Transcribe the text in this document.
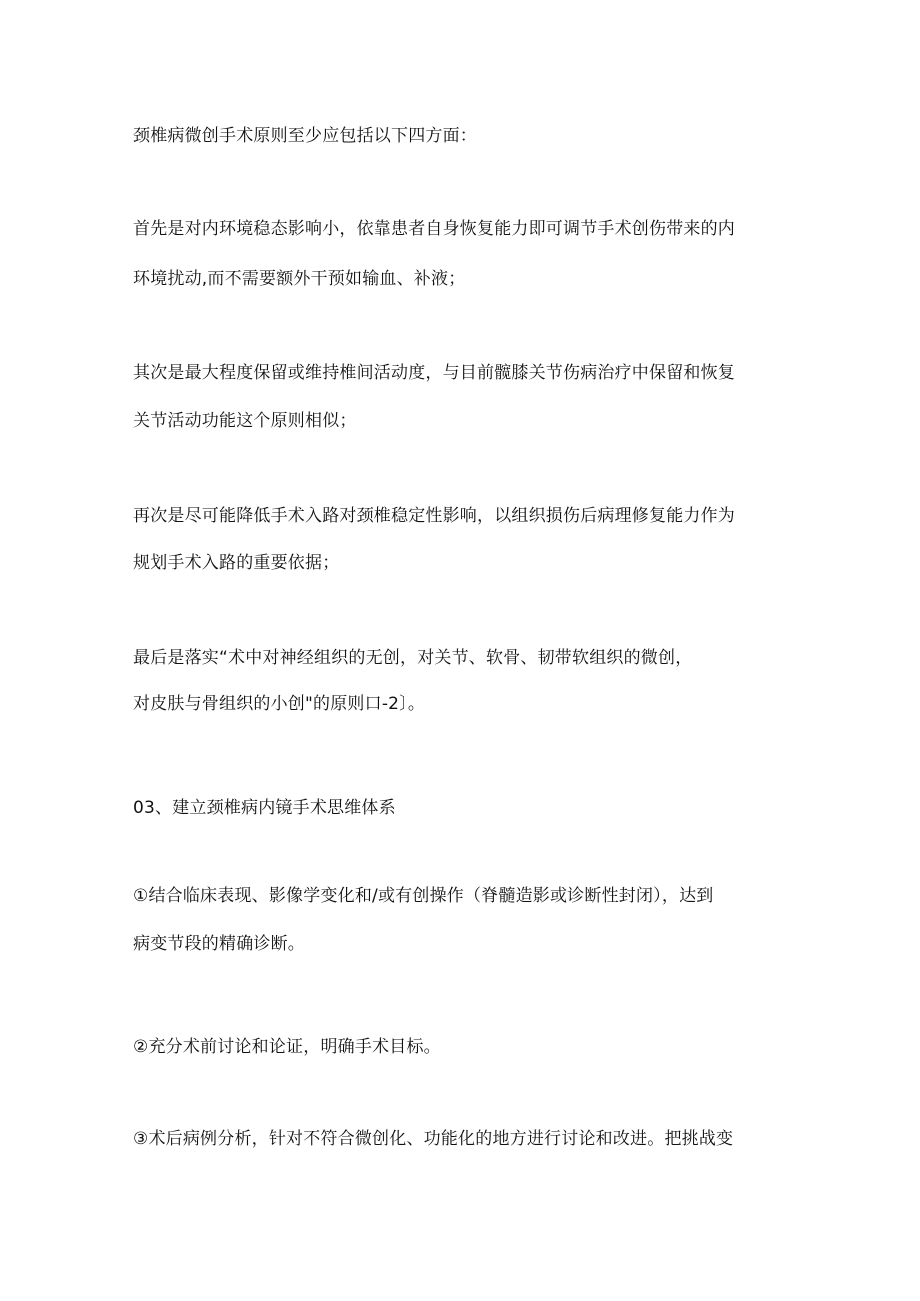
颈椎病微创手术原则至少应包括以下四方面：
首先是对内环境稳态影响小，依靠患者自身恢复能力即可调节手术创伤带来的内
环境扰动,而不需要额外干预如输血、补液；
其次是最大程度保留或维持椎间活动度，与目前髋膝关节伤病治疗中保留和恢复
关节活动功能这个原则相似；
再次是尽可能降低手术入路对颈椎稳定性影响，以组织损伤后病理修复能力作为
规划手术入路的重要依据；
最后是落实“术中对神经组织的无创，对关节、软骨、韧带软组织的微创，
对皮肤与骨组织的小创"的原则口-2〕。
03、建立颈椎病内镜手术思维体系
①结合临床表现、影像学变化和/或有创操作（脊髓造影或诊断性封闭），达到
病变节段的精确诊断。
②充分术前讨论和论证，明确手术目标。
③术后病例分析，针对不符合微创化、功能化的地方进行讨论和改进。把挑战变
